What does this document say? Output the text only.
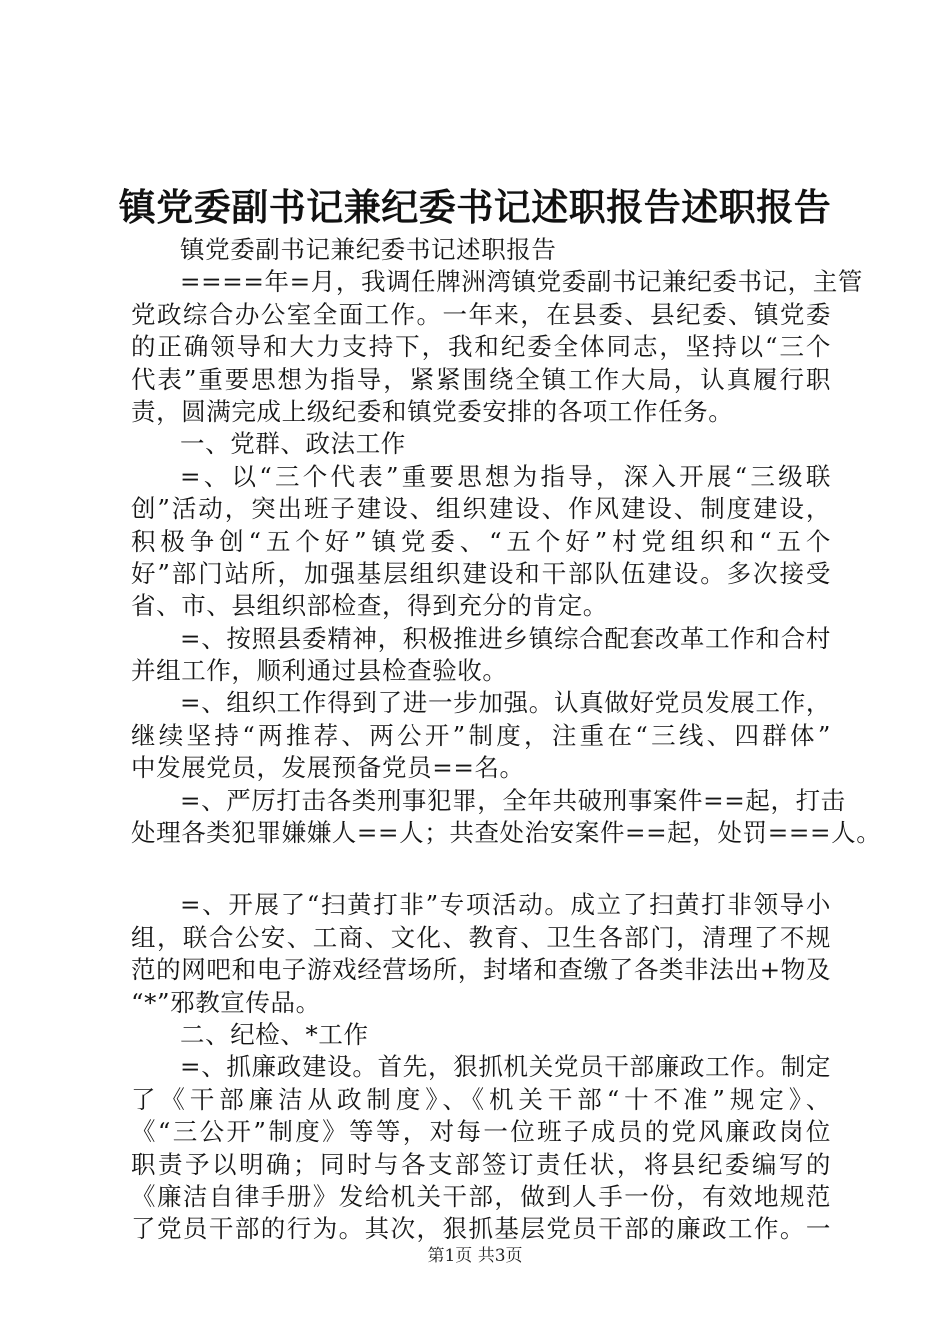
镇党委副书记兼纪委书记述职报告述职报告
镇党委副书记兼纪委书记述职报告
====年=月，我调任牌洲湾镇党委副书记兼纪委书记，主管
党政综合办公室全面工作。一年来，在县委、县纪委、镇党委
的正确领导和大力支持下，我和纪委全体同志，坚持以“三个
代表”重要思想为指导，紧紧围绕全镇工作大局，认真履行职
责，圆满完成上级纪委和镇党委安排的各项工作任务。
一、党群、政法工作
=、以“三个代表”重要思想为指导，深入开展“三级联
创”活动，突出班子建设、组织建设、作风建设、制度建设，
积极争创“五个好”镇党委、“五个好”村党组织和“五个
好”部门站所，加强基层组织建设和干部队伍建设。多次接受
省、市、县组织部检查，得到充分的肯定。
=、按照县委精神，积极推进乡镇综合配套改革工作和合村
并组工作，顺利通过县检查验收。
=、组织工作得到了进一步加强。认真做好党员发展工作，
继续坚持“两推荐、两公开”制度，注重在“三线、四群体”
中发展党员，发展预备党员==名。
=、严厉打击各类刑事犯罪，全年共破刑事案件==起，打击
处理各类犯罪嫌嫌人==人；共查处治安案件==起，处罚===人。
=、开展了“扫黄打非”专项活动。成立了扫黄打非领导小
组，联合公安、工商、文化、教育、卫生各部门，清理了不规
范的网吧和电子游戏经营场所，封堵和查缴了各类非法出+物及
“*”邪教宣传品。
二、纪检、*工作
=、抓廉政建设。首先，狠抓机关党员干部廉政工作。制定
了《干部廉洁从政制度》、《机关干部“十不准”规定》、
《“三公开”制度》等等，对每一位班子成员的党风廉政岗位
职责予以明确；同时与各支部签订责任状，将县纪委编写的
《廉洁自律手册》发给机关干部，做到人手一份，有效地规范
了党员干部的行为。其次，狠抓基层党员干部的廉政工作。一
第1页 共3页
